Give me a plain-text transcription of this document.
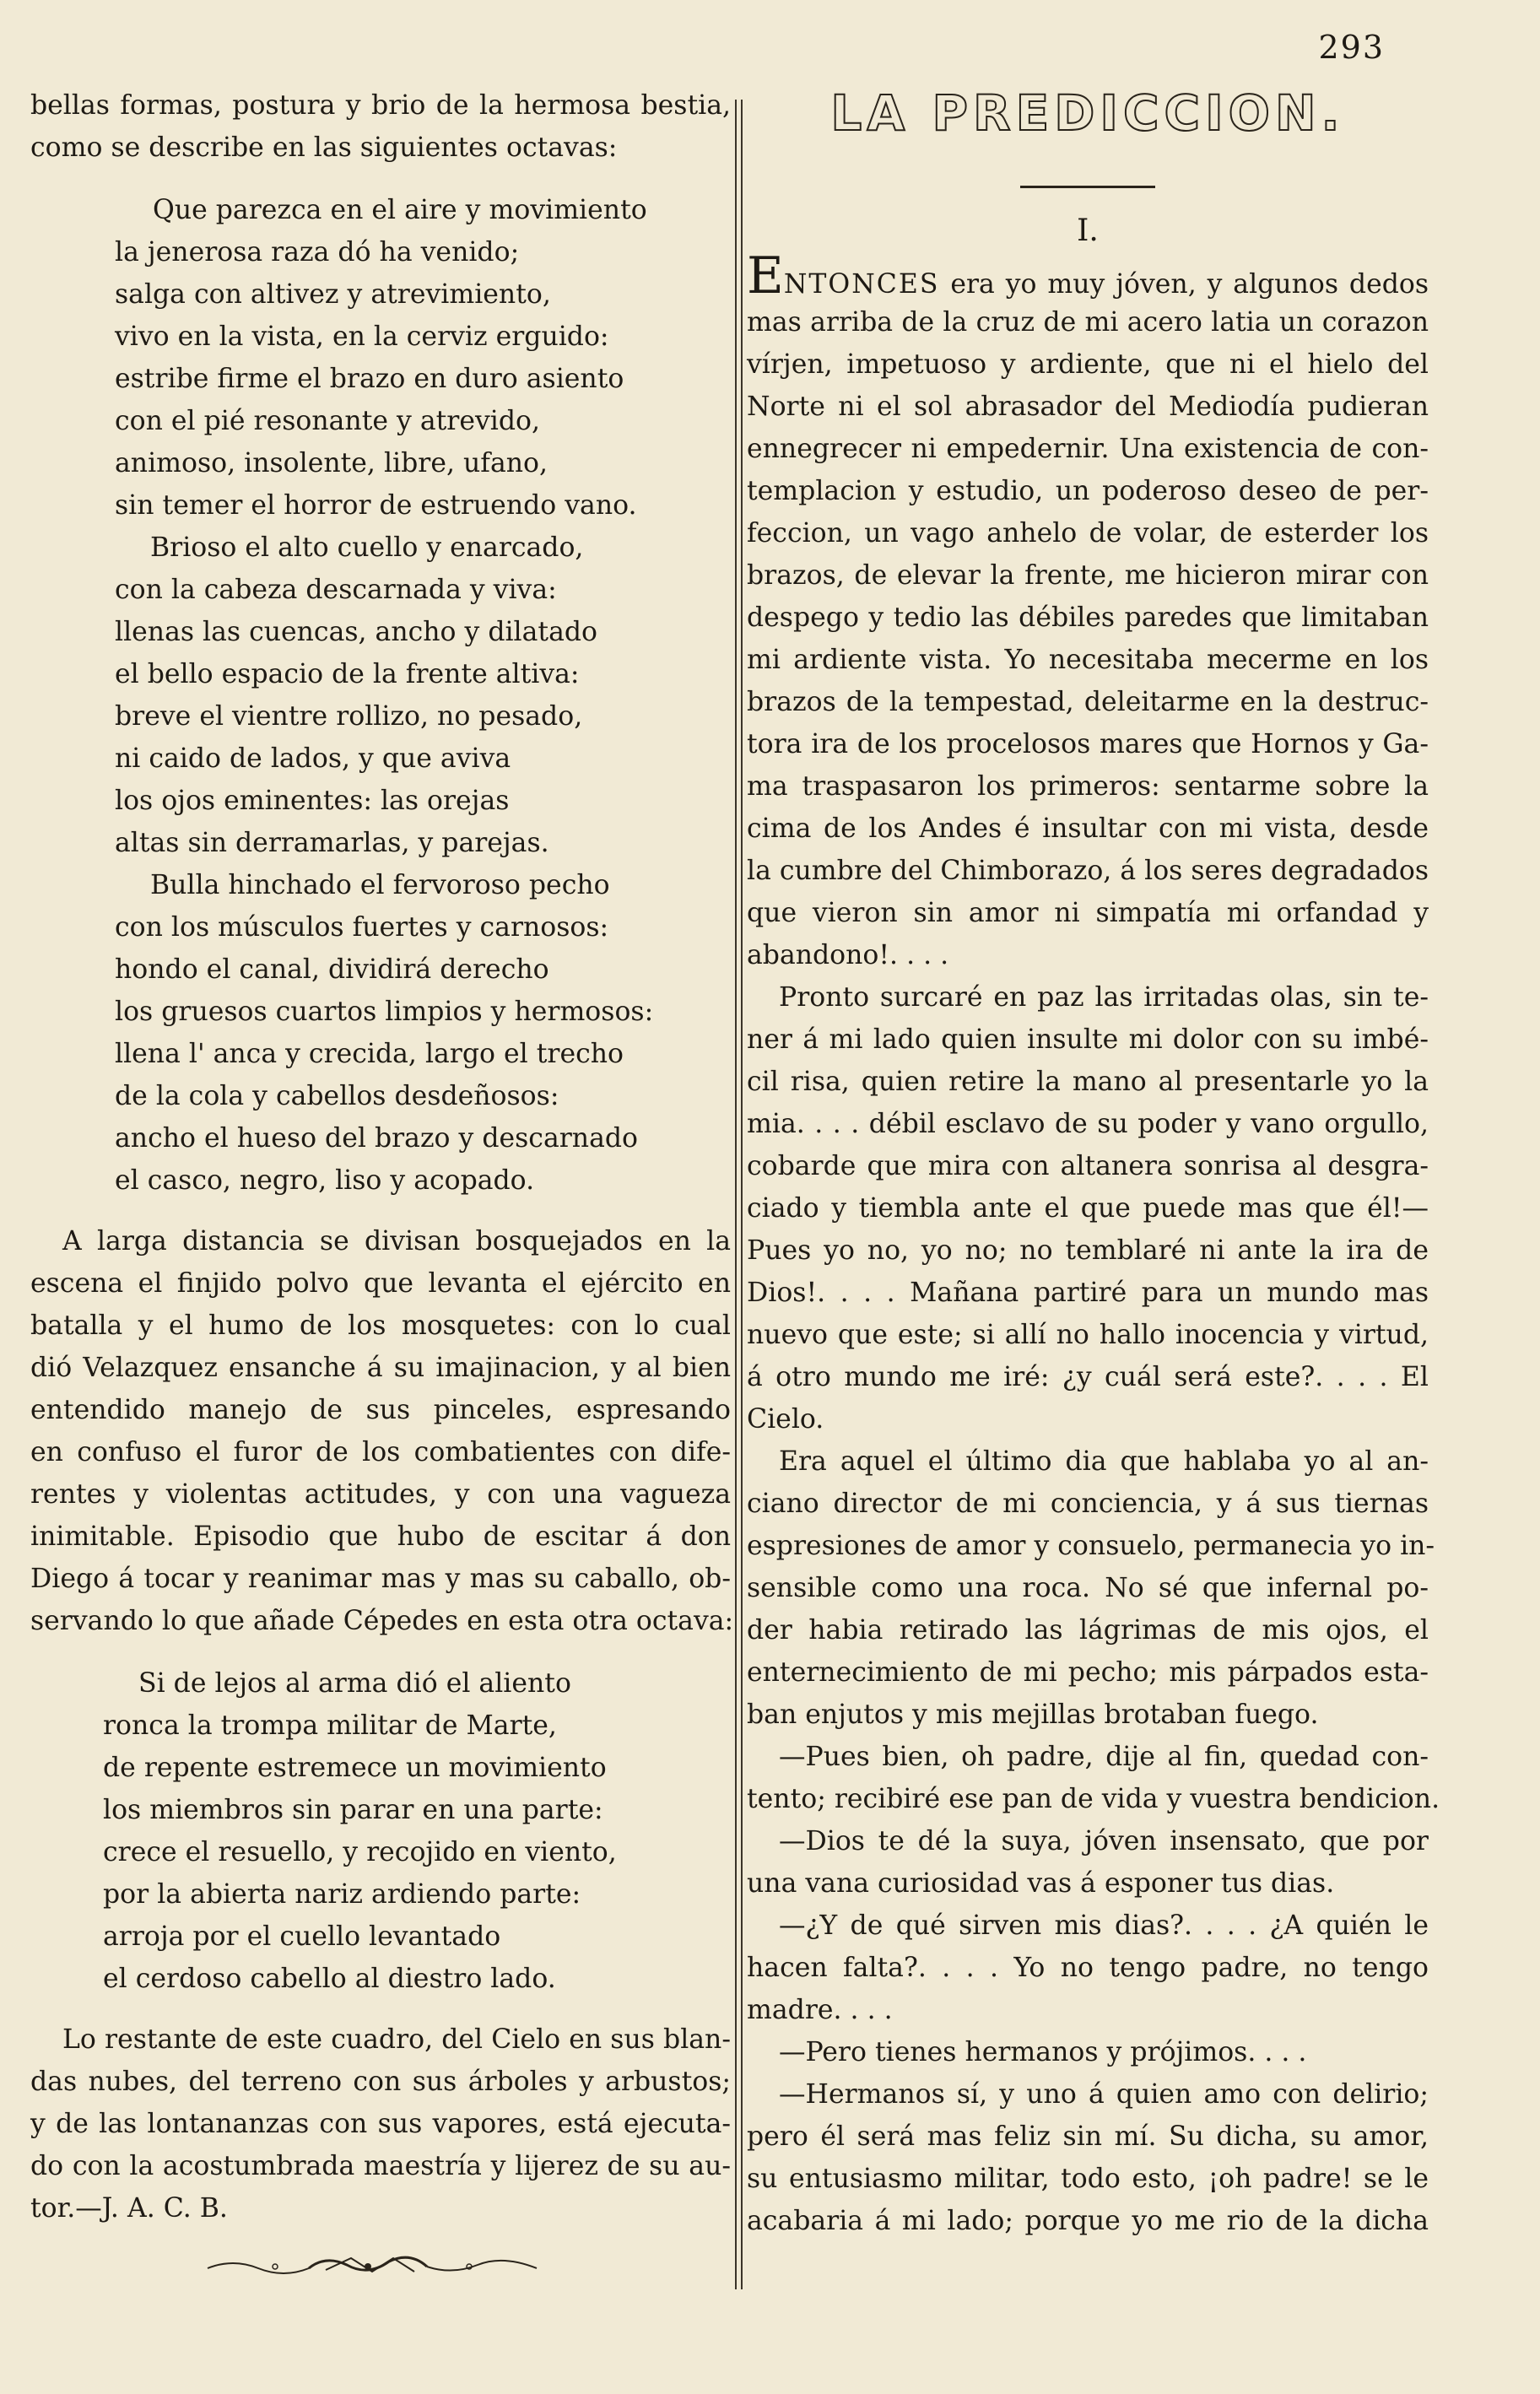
293
bellas formas, postura y brio de la hermosa bestia,
como se describe en las siguientes octavas:
Que parezca en el aire y movimiento
la jenerosa raza dó ha venido;
salga con altivez y atrevimiento,
vivo en la vista, en la cerviz erguido:
estribe firme el brazo en duro asiento
con el pié resonante y atrevido,
animoso, insolente, libre, ufano,
sin temer el horror de estruendo vano.
Brioso el alto cuello y enarcado,
con la cabeza descarnada y viva:
llenas las cuencas, ancho y dilatado
el bello espacio de la frente altiva:
breve el vientre rollizo, no pesado,
ni caido de lados, y que aviva
los ojos eminentes: las orejas
altas sin derramarlas, y parejas.
Bulla hinchado el fervoroso pecho
con los músculos fuertes y carnosos:
hondo el canal, dividirá derecho
los gruesos cuartos limpios y hermosos:
llena l' anca y crecida, largo el trecho
de la cola y cabellos desdeñosos:
ancho el hueso del brazo y descarnado
el casco, negro, liso y acopado.
A larga distancia se divisan bosquejados en la
escena el finjido polvo que levanta el ejército en
batalla y el humo de los mosquetes: con lo cual
dió Velazquez ensanche á su imajinacion, y al bien
entendido manejo de sus pinceles, espresando
en confuso el furor de los combatientes con dife-
rentes y violentas actitudes, y con una vagueza
inimitable. Episodio que hubo de escitar á don
Diego á tocar y reanimar mas y mas su caballo, ob-
servando lo que añade Cépedes en esta otra octava:
Si de lejos al arma dió el aliento
ronca la trompa militar de Marte,
de repente estremece un movimiento
los miembros sin parar en una parte:
crece el resuello, y recojido en viento,
por la abierta nariz ardiendo parte:
arroja por el cuello levantado
el cerdoso cabello al diestro lado.
Lo restante de este cuadro, del Cielo en sus blan-
das nubes, del terreno con sus árboles y arbustos;
y de las lontananzas con sus vapores, está ejecuta-
do con la acostumbrada maestría y lijerez de su au-
tor.—J. A. C. B.
LA PREDICCION.
I.
ENTONCES era yo muy jóven, y algunos dedos
mas arriba de la cruz de mi acero latia un corazon
vírjen, impetuoso y ardiente, que ni el hielo del
Norte ni el sol abrasador del Mediodía pudieran
ennegrecer ni empedernir. Una existencia de con-
templacion y estudio, un poderoso deseo de per-
feccion, un vago anhelo de volar, de esterder los
brazos, de elevar la frente, me hicieron mirar con
despego y tedio las débiles paredes que limitaban
mi ardiente vista. Yo necesitaba mecerme en los
brazos de la tempestad, deleitarme en la destruc-
tora ira de los procelosos mares que Hornos y Ga-
ma traspasaron los primeros: sentarme sobre la
cima de los Andes é insultar con mi vista, desde
la cumbre del Chimborazo, á los seres degradados
que vieron sin amor ni simpatía mi orfandad y
abandono!. . . .
Pronto surcaré en paz las irritadas olas, sin te-
ner á mi lado quien insulte mi dolor con su imbé-
cil risa, quien retire la mano al presentarle yo la
mia. . . . débil esclavo de su poder y vano orgullo,
cobarde que mira con altanera sonrisa al desgra-
ciado y tiembla ante el que puede mas que él!—
Pues yo no, yo no; no temblaré ni ante la ira de
Dios!. . . . Mañana partiré para un mundo mas
nuevo que este; si allí no hallo inocencia y virtud,
á otro mundo me iré: ¿y cuál será este?. . . . El
Cielo.
Era aquel el último dia que hablaba yo al an-
ciano director de mi conciencia, y á sus tiernas
espresiones de amor y consuelo, permanecia yo in-
sensible como una roca. No sé que infernal po-
der habia retirado las lágrimas de mis ojos, el
enternecimiento de mi pecho; mis párpados esta-
ban enjutos y mis mejillas brotaban fuego.
—Pues bien, oh padre, dije al fin, quedad con-
tento; recibiré ese pan de vida y vuestra bendicion.
—Dios te dé la suya, jóven insensato, que por
una vana curiosidad vas á esponer tus dias.
—¿Y de qué sirven mis dias?. . . . ¿A quién le
hacen falta?. . . . Yo no tengo padre, no tengo
madre. . . .
—Pero tienes hermanos y prójimos. . . .
—Hermanos sí, y uno á quien amo con delirio;
pero él será mas feliz sin mí. Su dicha, su amor,
su entusiasmo militar, todo esto, ¡oh padre! se le
acabaria á mi lado; porque yo me rio de la dicha
